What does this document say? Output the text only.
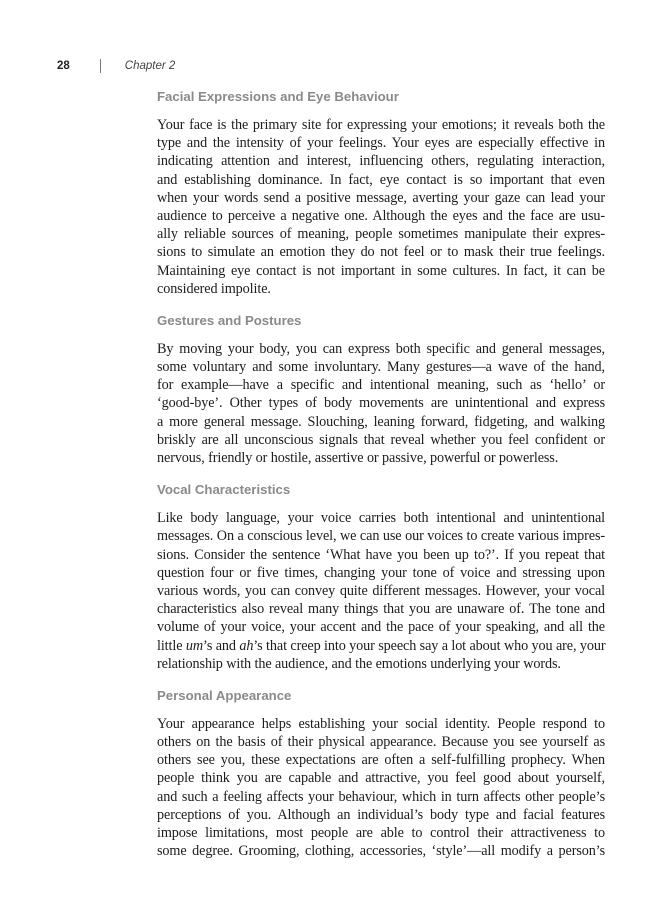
28	Chapter 2
Facial Expressions and Eye Behaviour
Your face is the primary site for expressing your emotions; it reveals both the
type and the intensity of your feelings. Your eyes are especially effective in
indicating attention and interest, influencing others, regulating interaction,
and establishing dominance. In fact, eye contact is so important that even
when your words send a positive message, averting your gaze can lead your
audience to perceive a negative one. Although the eyes and the face are usu-
ally reliable sources of meaning, people sometimes manipulate their expres-
sions to simulate an emotion they do not feel or to mask their true feelings.
Maintaining eye contact is not important in some cultures. In fact, it can be
considered impolite.
Gestures and Postures
By moving your body, you can express both specific and general messages,
some voluntary and some involuntary. Many gestures—a wave of the hand,
for example—have a specific and intentional meaning, such as ‘hello’ or
‘good-bye’. Other types of body movements are unintentional and express
a more general message. Slouching, leaning forward, fidgeting, and walking
briskly are all unconscious signals that reveal whether you feel confident or
nervous, friendly or hostile, assertive or passive, powerful or powerless.
Vocal Characteristics
Like body language, your voice carries both intentional and unintentional
messages. On a conscious level, we can use our voices to create various impres-
sions. Consider the sentence ‘What have you been up to?’. If you repeat that
question four or five times, changing your tone of voice and stressing upon
various words, you can convey quite different messages. However, your vocal
characteristics also reveal many things that you are unaware of. The tone and
volume of your voice, your accent and the pace of your speaking, and all the
little um’s and ah’s that creep into your speech say a lot about who you are, your
relationship with the audience, and the emotions underlying your words.
Personal Appearance
Your appearance helps establishing your social identity. People respond to
others on the basis of their physical appearance. Because you see yourself as
others see you, these expectations are often a self-fulfilling prophecy. When
people think you are capable and attractive, you feel good about yourself,
and such a feeling affects your behaviour, which in turn affects other people’s
perceptions of you. Although an individual’s body type and facial features
impose limitations, most people are able to control their attractiveness to
some degree. Grooming, clothing, accessories, ‘style’—all modify a person’s
